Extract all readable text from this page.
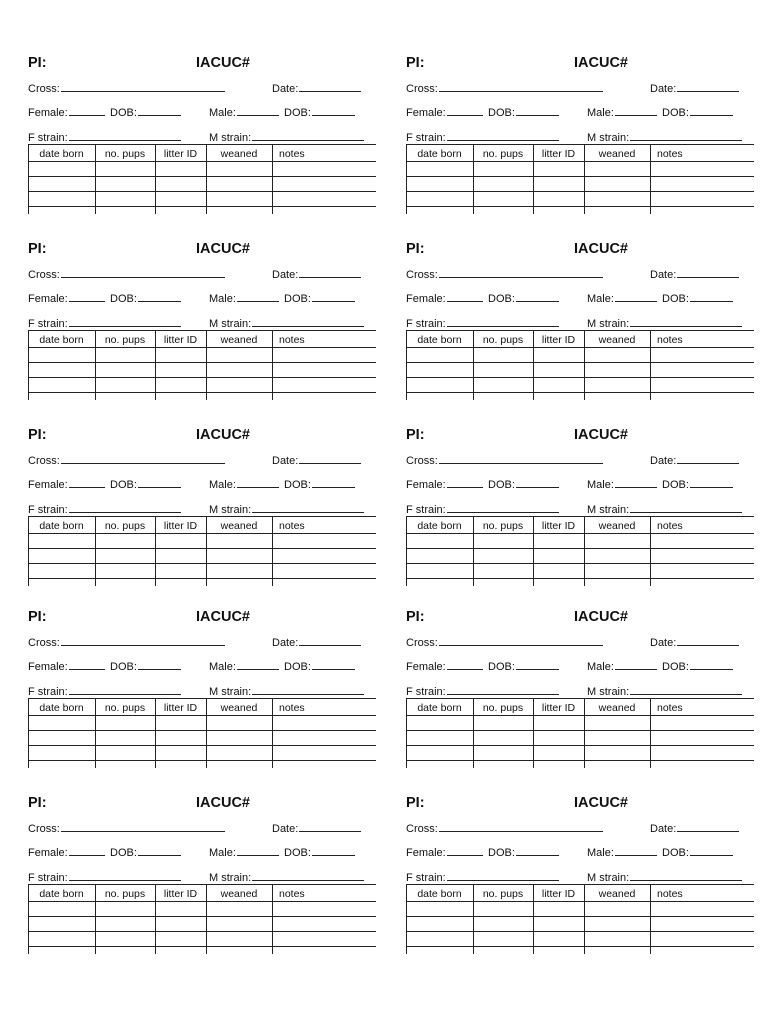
PI:	IACUC#
Cross:	Date:
Female:	DOB:	Male:	DOB:
F strain:	M strain:
date born	no. pups	litter ID	weaned	notes
PI:	IACUC#
Cross:	Date:
Female:	DOB:	Male:	DOB:
F strain:	M strain:
date born	no. pups	litter ID	weaned	notes
PI:	IACUC#
Cross:	Date:
Female:	DOB:	Male:	DOB:
F strain:	M strain:
date born	no. pups	litter ID	weaned	notes
PI:	IACUC#
Cross:	Date:
Female:	DOB:	Male:	DOB:
F strain:	M strain:
date born	no. pups	litter ID	weaned	notes
PI:	IACUC#
Cross:	Date:
Female:	DOB:	Male:	DOB:
F strain:	M strain:
date born	no. pups	litter ID	weaned	notes
PI:	IACUC#
Cross:	Date:
Female:	DOB:	Male:	DOB:
F strain:	M strain:
date born	no. pups	litter ID	weaned	notes
PI:	IACUC#
Cross:	Date:
Female:	DOB:	Male:	DOB:
F strain:	M strain:
date born	no. pups	litter ID	weaned	notes
PI:	IACUC#
Cross:	Date:
Female:	DOB:	Male:	DOB:
F strain:	M strain:
date born	no. pups	litter ID	weaned	notes
PI:	IACUC#
Cross:	Date:
Female:	DOB:	Male:	DOB:
F strain:	M strain:
date born	no. pups	litter ID	weaned	notes
PI:	IACUC#
Cross:	Date:
Female:	DOB:	Male:	DOB:
F strain:	M strain:
date born	no. pups	litter ID	weaned	notes
